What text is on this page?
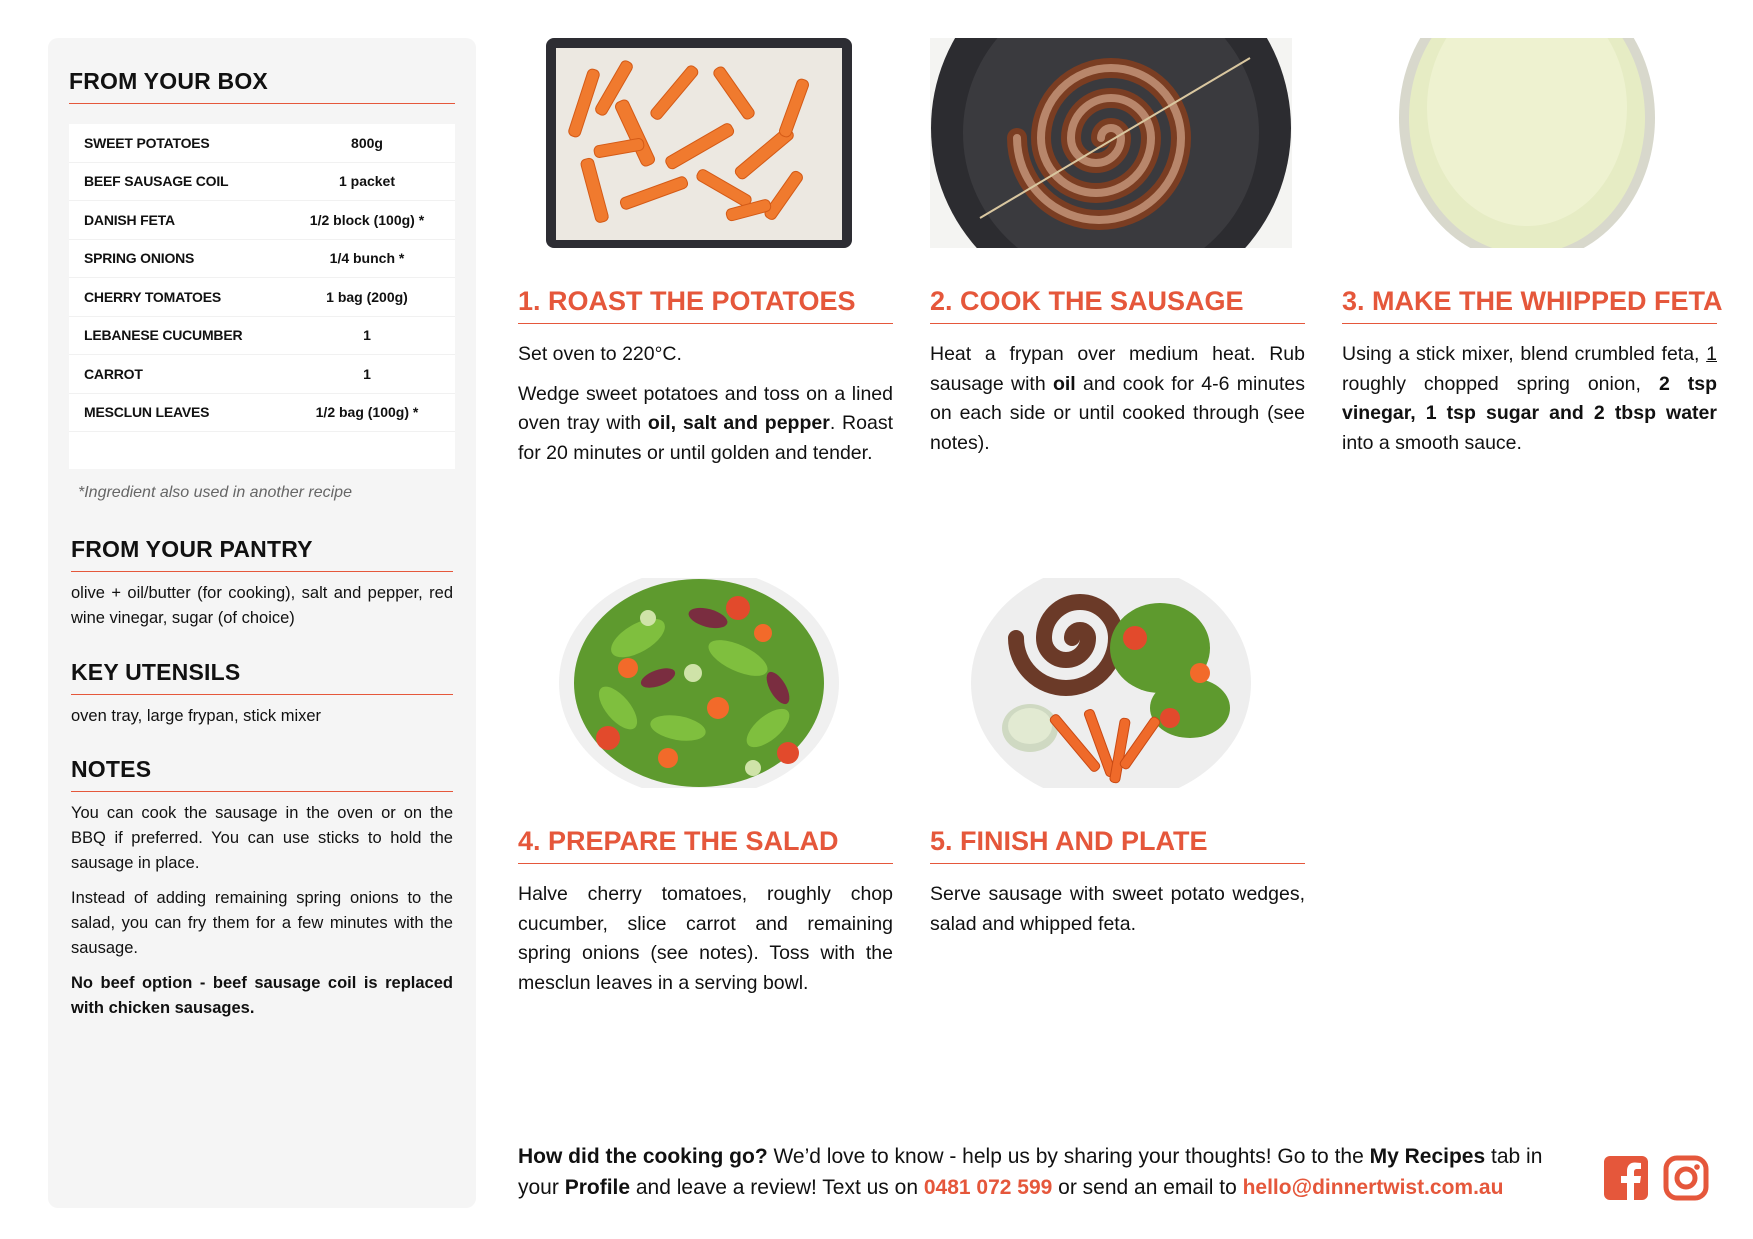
FROM YOUR BOX
SWEET POTATOES	800g
BEEF SAUSAGE COIL	1 packet
DANISH FETA	1/2 block (100g) *
SPRING ONIONS	1/4 bunch *
CHERRY TOMATOES	1 bag (200g)
LEBANESE CUCUMBER	1
CARROT	1
MESCLUN LEAVES	1/2 bag (100g) *
*Ingredient also used in another recipe
FROM YOUR PANTRY

olive + oil/butter (for cooking), salt and pepper, red wine vinegar, sugar (of choice)

KEY UTENSILS

oven tray, large frypan, stick mixer

NOTES

You can cook the sausage in the oven or on the BBQ if preferred. You can use sticks to hold the sausage in place.

Instead of adding remaining spring onions to the salad, you can fry them for a few minutes with the sausage.

No beef option - beef sausage coil is replaced with chicken sausages.

1. ROAST THE POTATOES

Set oven to 220°C.

Wedge sweet potatoes and toss on a lined oven tray with oil, salt and pepper. Roast for 20 minutes or until golden and tender.

2. COOK THE SAUSAGE

Heat a frypan over medium heat. Rub sausage with oil and cook for 4-6 minutes on each side or until cooked through (see notes).

3. MAKE THE WHIPPED FETA

Using a stick mixer, blend crumbled feta, 1 roughly chopped spring onion, 2 tsp vinegar, 1 tsp sugar and 2 tbsp water into a smooth sauce.

4. PREPARE THE SALAD

Halve cherry tomatoes, roughly chop cucumber, slice carrot and remaining spring onions (see notes). Toss with the mesclun leaves in a serving bowl.

5. FINISH AND PLATE

Serve sausage with sweet potato wedges, salad and whipped feta.

How did the cooking go? We’d love to know - help us by sharing your thoughts! Go to the My Recipes tab in your Profile and leave a review! Text us on 0481 072 599 or send an email to hello@dinnertwist.com.au
